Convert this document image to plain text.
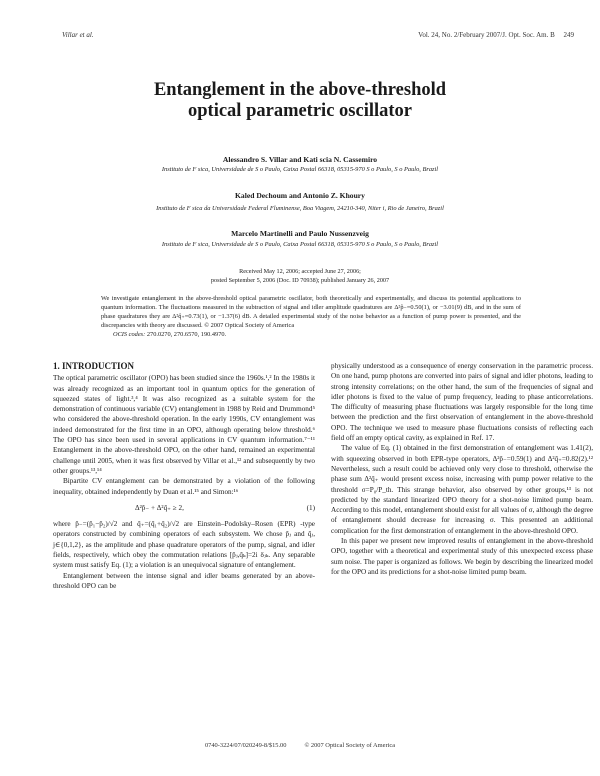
Villar et al.	Vol. 24, No. 2/February 2007/J. Opt. Soc. Am. B     249
Entanglement in the above-threshold
optical parametric oscillator
Alessandro S. Villar and Kati scia N. Cassemiro
Instituto de F sica, Universidade de S o Paulo, Caixa Postal 66318, 05315-970 S o Paulo, S o Paulo, Brazil
Kaled Dechoum and Antonio Z. Khoury
Instituto de F sica da Universidade Federal Fluminense, Boa Viagem, 24210-340, Niter i, Rio de Janeiro, Brazil
Marcelo Martinelli and Paulo Nussenzveig
Instituto de F sica, Universidade de S o Paulo, Caixa Postal 66318, 05315-970 S o Paulo, S o Paulo, Brazil
Received May 12, 2006; accepted June 27, 2006;
posted September 5, 2006 (Doc. ID 70938); published January 26, 2007
We investigate entanglement in the above-threshold optical parametric oscillator, both theoretically and experimentally, and discuss its potential applications to quantum information. The fluctuations measured in the subtraction of signal and idler amplitude quadratures are Δ²p̂₋=0.50(1), or −3.01(9) dB, and in the sum of phase quadratures they are Δ²q̂₊=0.73(1), or −1.37(6) dB. A detailed experimental study of the noise behavior as a function of pump power is presented, and the discrepancies with theory are discussed. © 2007 Optical Society of America
OCIS codes: 270.0270, 270.6570, 190.4970.

1. INTRODUCTION

The optical parametric oscillator (OPO) has been studied since the 1960s.¹,² In the 1980s it was already recognized as an important tool in quantum optics for the generation of squeezed states of light.³,⁴ It was also recognized as a suitable system for the demonstration of continuous variable (CV) entanglement in 1988 by Reid and Drummond⁵ who considered the above-threshold operation. In the early 1990s, CV entanglement was indeed demonstrated for the first time in an OPO, although operating below threshold.⁶ The OPO has since been used in several applications in CV quantum information.⁷⁻¹¹ Entanglement in the above-threshold OPO, on the other hand, remained an experimental challenge until 2005, when it was first observed by Villar et al.,¹² and subsequently by two other groups.¹³,¹⁴

Bipartite CV entanglement can be demonstrated by a violation of the following inequality, obtained independently by Duan et al.¹⁵ and Simon:¹⁶

Δ²p̂₋ + Δ²q̂₊ ≥ 2,	(1)

where p̂₋=(p̂₁−p̂₂)/√2 and q̂₊=(q̂₁+q̂₂)/√2 are Einstein–Podolsky–Rosen (EPR) -type operators constructed by combining operators of each subsystem. We chose p̂ⱼ and q̂ⱼ, j∈{0,1,2}, as the amplitude and phase quadrature operators of the pump, signal, and idler fields, respectively, which obey the commutation relations [p̂ⱼ,q̂ₖ]=2i δⱼₖ. Any separable system must satisfy Eq. (1); a violation is an unequivocal signature of entanglement.

Entanglement between the intense signal and idler beams generated by an above-threshold OPO can be

physically understood as a consequence of energy conservation in the parametric process. On one hand, pump photons are converted into pairs of signal and idler photons, leading to strong intensity correlations; on the other hand, the sum of the frequencies of signal and idler photons is fixed to the value of pump frequency, leading to phase anticorrelations. The difficulty of measuring phase fluctuations was largely responsible for the long time between the prediction and the first observation of entanglement in the above-threshold OPO. The technique we used to measure phase fluctuations consists of reflecting each field off an empty optical cavity, as explained in Ref. 17.

The value of Eq. (1) obtained in the first demonstration of entanglement was 1.41(2), with squeezing observed in both EPR-type operators, Δ²p̂₋=0.59(1) and Δ²q̂₊=0.82(2).¹² Nevertheless, such a result could be achieved only very close to threshold, otherwise the phase sum Δ²q̂₊ would present excess noise, increasing with pump power relative to the threshold σ=P₀/P_th. This strange behavior, also observed by other groups,¹³ is not predicted by the standard linearized OPO theory for a shot-noise limited pump beam. According to this model, entanglement should exist for all values of σ, although the degree of entanglement should decrease for increasing σ. This presented an additional complication for the first demonstration of entanglement in the above-threshold OPO.

In this paper we present new improved results of entanglement in the above-threshold OPO, together with a theoretical and experimental study of this unexpected excess phase sum noise. The paper is organized as follows. We begin by describing the linearized model for the OPO and its predictions for a shot-noise limited pump beam.

0740-3224/07/020249-8/$15.00	© 2007 Optical Society of America
